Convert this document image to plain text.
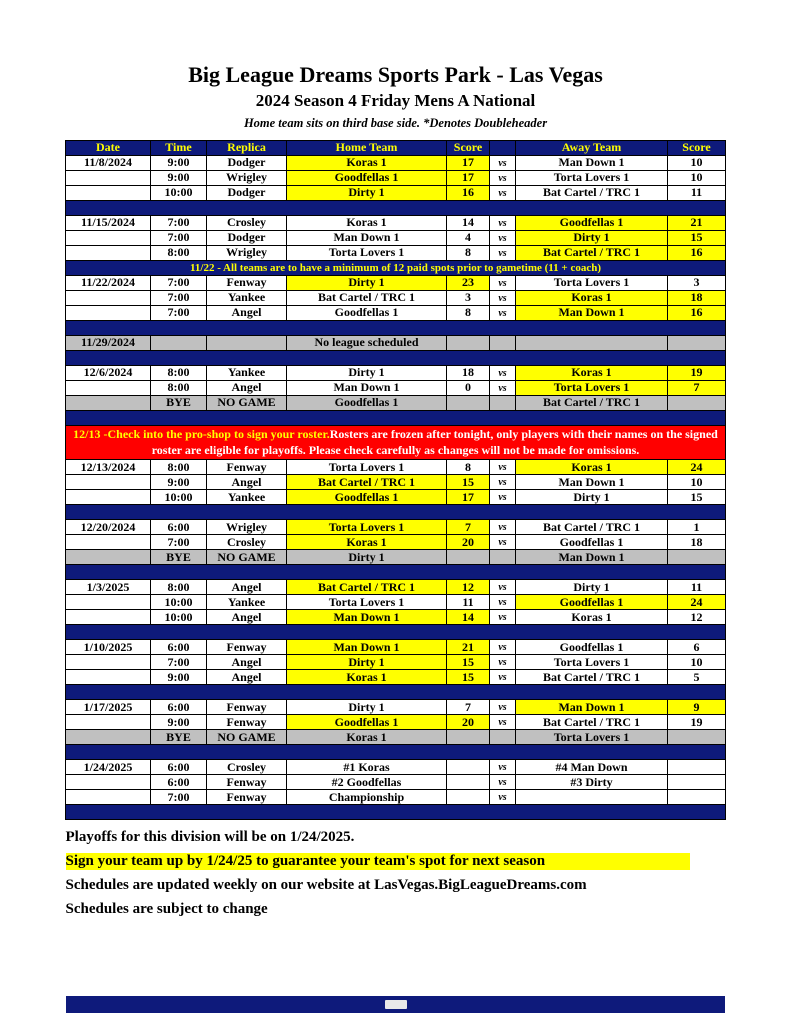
Big League Dreams Sports Park - Las Vegas
2024 Season 4 Friday Mens A National
Home team sits on third base side. *Denotes Doubleheader
Date	Time	Replica	Home Team	Score		Away Team	Score
11/8/2024	9:00	Dodger	Koras 1	17	vs	Man Down 1	10
	9:00	Wrigley	Goodfellas 1	17	vs	Torta Lovers 1	10
	10:00	Dodger	Dirty 1	16	vs	Bat Cartel / TRC 1	11

11/15/2024	7:00	Crosley	Koras 1	14	vs	Goodfellas 1	21
	7:00	Dodger	Man Down 1	4	vs	Dirty 1	15
	8:00	Wrigley	Torta Lovers 1	8	vs	Bat Cartel / TRC 1	16
11/22 - All teams are to have a minimum of 12 paid spots prior to gametime (11 + coach)							
11/22/2024	7:00	Fenway	Dirty 1	23	vs	Torta Lovers 1	3
	7:00	Yankee	Bat Cartel / TRC 1	3	vs	Koras 1	18
	7:00	Angel	Goodfellas 1	8	vs	Man Down 1	16

11/29/2024			No league scheduled				

12/6/2024	8:00	Yankee	Dirty 1	18	vs	Koras 1	19
	8:00	Angel	Man Down 1	0	vs	Torta Lovers 1	7
	BYE	NO GAME	Goodfellas 1			Bat Cartel / TRC 1	

12/13 -Check into the pro-shop to sign your roster.Rosters are frozen after tonight, only players with their names on the signed roster are eligible for playoffs. Please check carefully as changes will not be made for omissions.							
12/13/2024	8:00	Fenway	Torta Lovers 1	8	vs	Koras 1	24
	9:00	Angel	Bat Cartel / TRC 1	15	vs	Man Down 1	10
	10:00	Yankee	Goodfellas 1	17	vs	Dirty 1	15

12/20/2024	6:00	Wrigley	Torta Lovers 1	7	vs	Bat Cartel / TRC 1	1
	7:00	Crosley	Koras 1	20	vs	Goodfellas 1	18
	BYE	NO GAME	Dirty 1			Man Down 1	

1/3/2025	8:00	Angel	Bat Cartel / TRC 1	12	vs	Dirty 1	11
	10:00	Yankee	Torta Lovers 1	11	vs	Goodfellas 1	24
	10:00	Angel	Man Down 1	14	vs	Koras 1	12

1/10/2025	6:00	Fenway	Man Down 1	21	vs	Goodfellas 1	6
	7:00	Angel	Dirty 1	15	vs	Torta Lovers 1	10
	9:00	Angel	Koras 1	15	vs	Bat Cartel / TRC 1	5

1/17/2025	6:00	Fenway	Dirty 1	7	vs	Man Down 1	9
	9:00	Fenway	Goodfellas 1	20	vs	Bat Cartel / TRC 1	19
	BYE	NO GAME	Koras 1			Torta Lovers 1	

1/24/2025	6:00	Crosley	#1 Koras		vs	#4 Man Down	
	6:00	Fenway	#2 Goodfellas		vs	#3 Dirty	
	7:00	Fenway	Championship		vs		

Playoffs for this division will be on 1/24/2025.
Sign your team up by 1/24/25 to guarantee your team's spot for next season
Schedules are updated weekly on our website at LasVegas.BigLeagueDreams.com
Schedules are subject to change
